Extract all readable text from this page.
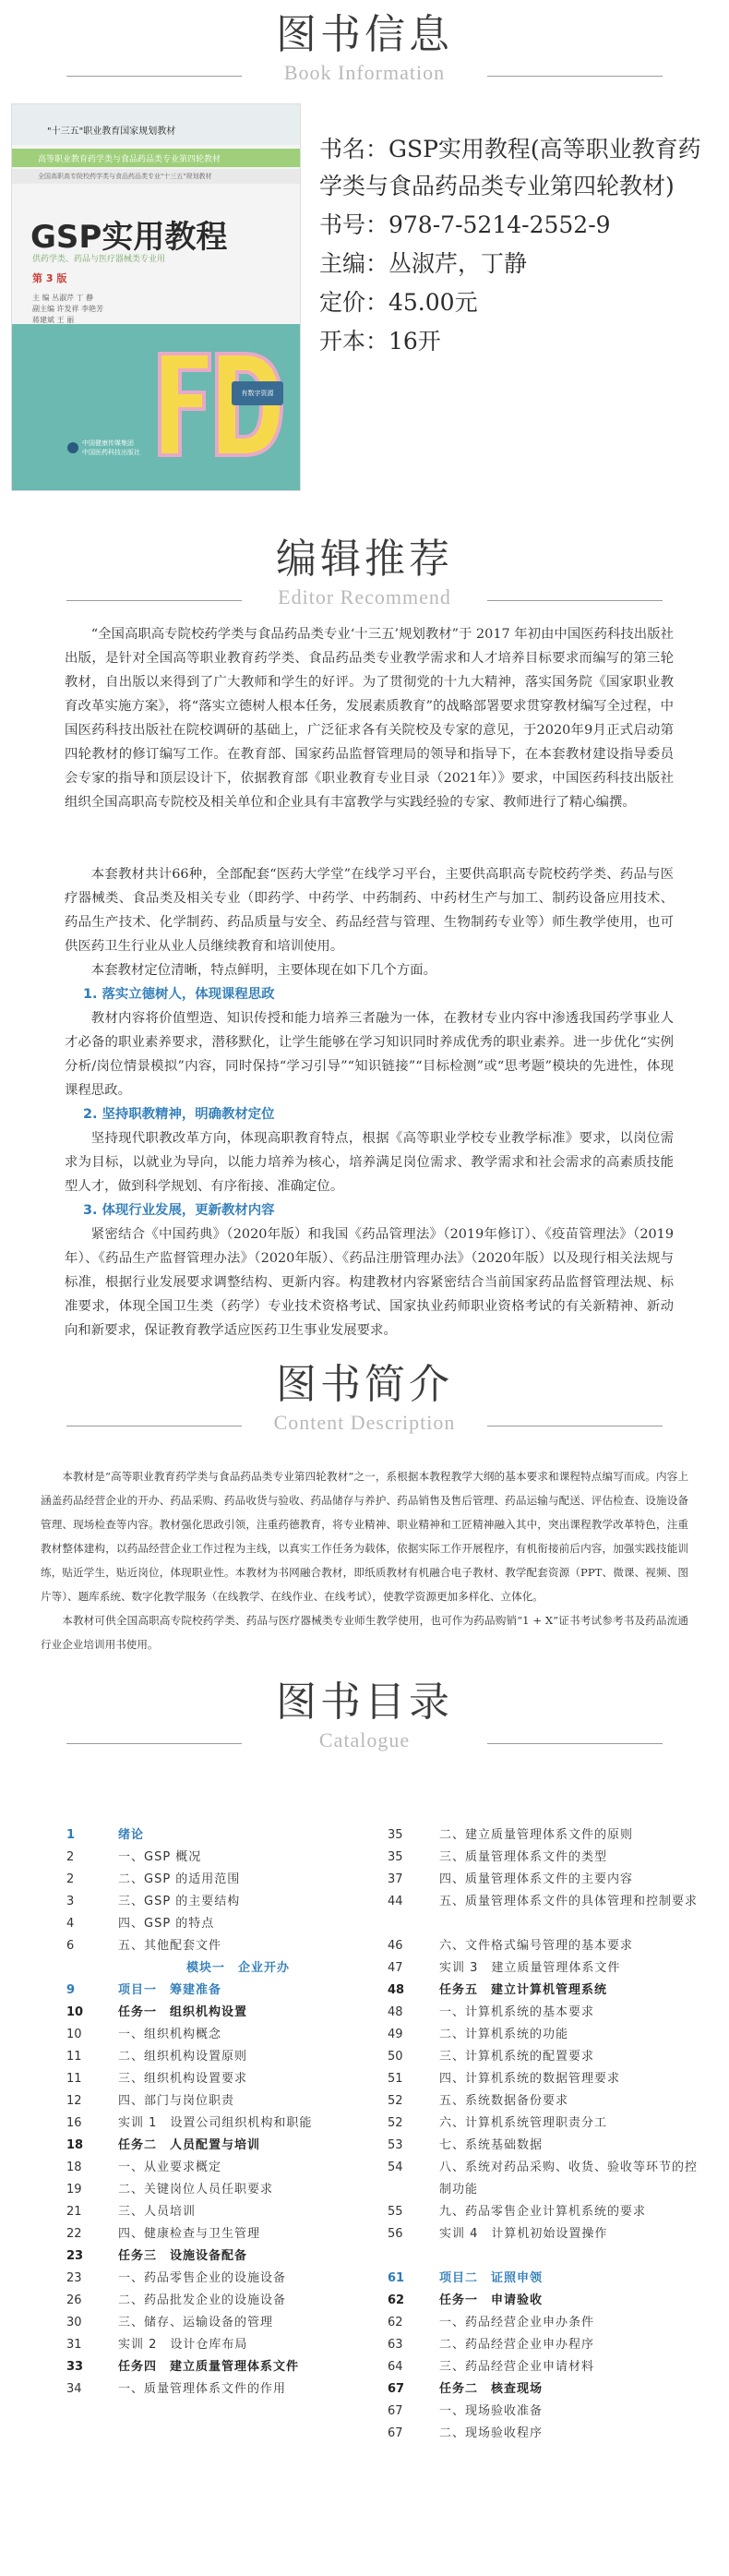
图书信息
Book Information
"十三五"职业教育国家规划教材
高等职业教育药学类与食品药品类专业第四轮教材
全国高职高专院校药学类与食品药品类专业"十三五"规划教材
GSP实用教程
供药学类、药品与医疗器械类专业用
第 3 版
主 编 丛淑芹 丁 静
副主编 许发祥 李艳芳
蒋建斌 王 丽
有数字资源
中国健康传媒集团
中国医药科技出版社
书名：GSP实用教程(高等职业教育药学类与食品药品类专业第四轮教材)
书号：978-7-5214-2552-9
主编：丛淑芹，丁静
定价：45.00元
开本：16开
编辑推荐
Editor Recommend
“全国高职高专院校药学类与食品药品类专业‘十三五’规划教材”于 2017 年初由中国医药科技出版社出版，是针对全国高等职业教育药学类、食品药品类专业教学需求和人才培养目标要求而编写的第三轮教材，自出版以来得到了广大教师和学生的好评。为了贯彻党的十九大精神，落实国务院《国家职业教育改革实施方案》，将“落实立德树人根本任务，发展素质教育”的战略部署要求贯穿教材编写全过程，中国医药科技出版社在院校调研的基础上，广泛征求各有关院校及专家的意见，于2020年9月正式启动第四轮教材的修订编写工作。在教育部、国家药品监督管理局的领导和指导下，在本套教材建设指导委员会专家的指导和顶层设计下，依据教育部《职业教育专业目录（2021年）》要求，中国医药科技出版社组织全国高职高专院校及相关单位和企业具有丰富教学与实践经验的专家、教师进行了精心编撰。
本套教材共计66种，全部配套“医药大学堂”在线学习平台，主要供高职高专院校药学类、药品与医疗器械类、食品类及相关专业（即药学、中药学、中药制药、中药材生产与加工、制药设备应用技术、药品生产技术、化学制药、药品质量与安全、药品经营与管理、生物制药专业等）师生教学使用，也可供医药卫生行业从业人员继续教育和培训使用。
本套教材定位清晰，特点鲜明，主要体现在如下几个方面。
1. 落实立德树人，体现课程思政
教材内容将价值塑造、知识传授和能力培养三者融为一体，在教材专业内容中渗透我国药学事业人才必备的职业素养要求，潜移默化，让学生能够在学习知识同时养成优秀的职业素养。进一步优化“实例分析/岗位情景模拟”内容，同时保持“学习引导”“知识链接”“目标检测”或“思考题”模块的先进性，体现课程思政。
2. 坚持职教精神，明确教材定位
坚持现代职教改革方向，体现高职教育特点，根据《高等职业学校专业教学标准》要求，以岗位需求为目标，以就业为导向，以能力培养为核心，培养满足岗位需求、教学需求和社会需求的高素质技能型人才，做到科学规划、有序衔接、准确定位。
3. 体现行业发展，更新教材内容
紧密结合《中国药典》（2020年版）和我国《药品管理法》（2019年修订）、《疫苗管理法》（2019年）、《药品生产监督管理办法》（2020年版）、《药品注册管理办法》（2020年版）以及现行相关法规与标准，根据行业发展要求调整结构、更新内容。构建教材内容紧密结合当前国家药品监督管理法规、标准要求，体现全国卫生类（药学）专业技术资格考试、国家执业药师职业资格考试的有关新精神、新动向和新要求，保证教育教学适应医药卫生事业发展要求。
图书简介
Content Description
本教材是“高等职业教育药学类与食品药品类专业第四轮教材”之一，系根据本教程教学大纲的基本要求和课程特点编写而成。内容上涵盖药品经营企业的开办、药品采购、药品收货与验收、药品储存与养护、药品销售及售后管理、药品运输与配送、评估检查、设施设备管理、现场检查等内容。教材强化思政引领，注重药德教育，将专业精神、职业精神和工匠精神融入其中，突出课程教学改革特色，注重教材整体建构，以药品经营企业工作过程为主线，以真实工作任务为载体，依据实际工作开展程序，有机衔接前后内容，加强实践技能训练，贴近学生，贴近岗位，体现职业性。本教材为书网融合教材，即纸质教材有机融合电子教材、教学配套资源（PPT、微课、视频、图片等）、题库系统、数字化教学服务（在线教学、在线作业、在线考试），使教学资源更加多样化、立体化。
本教材可供全国高职高专院校药学类、药品与医疗器械类专业师生教学使用，也可作为药品购销“1 + X”证书考试参考书及药品流通行业企业培训用书使用。
图书目录
Catalogue
1	绪论
2	一、GSP 概况
2	二、GSP 的适用范围
3	三、GSP 的主要结构
4	四、GSP 的特点
6	五、其他配套文件
模块一　企业开办
9	项目一　筹建准备
10	任务一　组织机构设置
10	一、组织机构概念
11	二、组织机构设置原则
11	三、组织机构设置要求
12	四、部门与岗位职责
16	实训 1　设置公司组织机构和职能
18	任务二　人员配置与培训
18	一、从业要求概定
19	二、关键岗位人员任职要求
21	三、人员培训
22	四、健康检查与卫生管理
23	任务三　设施设备配备
23	一、药品零售企业的设施设备
26	二、药品批发企业的设施设备
30	三、储存、运输设备的管理
31	实训 2　设计仓库布局
33	任务四　建立质量管理体系文件
34	一、质量管理体系文件的作用
35	二、建立质量管理体系文件的原则
35	三、质量管理体系文件的类型
37	四、质量管理体系文件的主要内容
44	五、质量管理体系文件的具体管理和控制要求
46	六、文件格式编号管理的基本要求
47	实训 3　建立质量管理体系文件
48	任务五　建立计算机管理系统
48	一、计算机系统的基本要求
49	二、计算机系统的功能
50	三、计算机系统的配置要求
51	四、计算机系统的数据管理要求
52	五、系统数据备份要求
52	六、计算机系统管理职责分工
53	七、系统基础数据
54	八、系统对药品采购、收货、验收等环节的控制功能
55	九、药品零售企业计算机系统的要求
56	实训 4　计算机初始设置操作
61	项目二　证照申领
62	任务一　申请验收
62	一、药品经营企业申办条件
63	二、药品经营企业申办程序
64	三、药品经营企业申请材料
67	任务二　核查现场
67	一、现场验收准备
67	二、现场验收程序
